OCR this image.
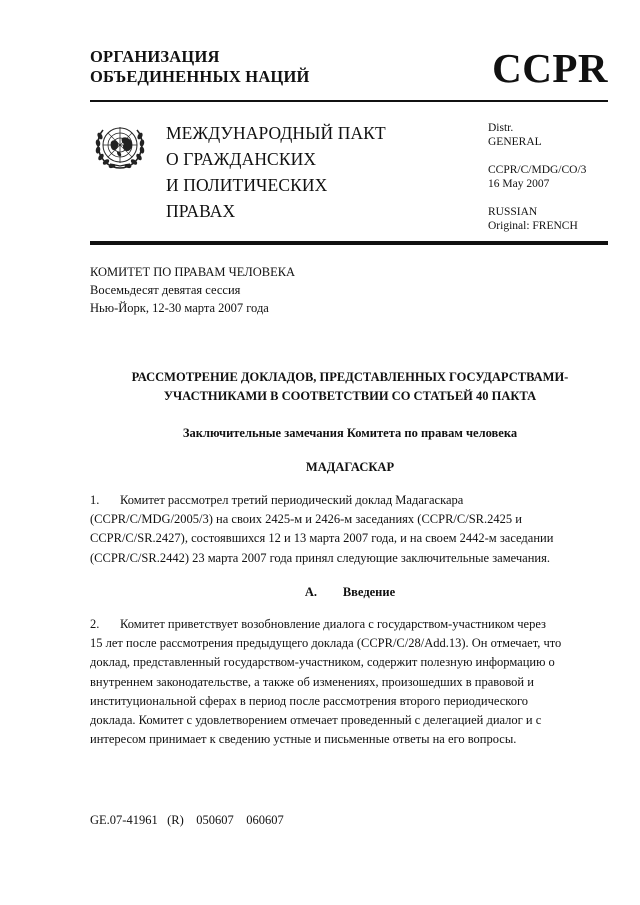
ОРГАНИЗАЦИЯ
ОБЪЕДИНЕННЫХ НАЦИЙ	CCPR
МЕЖДУНАРОДНЫЙ ПАКТ
О ГРАЖДАНСКИХ
И ПОЛИТИЧЕСКИХ
ПРАВАХ
Distr.
GENERAL
CCPR/C/MDG/CO/3
16 May 2007
RUSSIAN
Original: FRENCH
КОМИТЕТ ПО ПРАВАМ ЧЕЛОВЕКА
Восемьдесят девятая сессия
Нью-Йорк, 12-30 марта 2007 года
РАССМОТРЕНИЕ ДОКЛАДОВ, ПРЕДСТАВЛЕННЫХ ГОСУДАРСТВАМИ-
УЧАСТНИКАМИ В СООТВЕТСТВИИ СО СТАТЬЕЙ 40 ПАКТА
Заключительные замечания Комитета по правам человека
МАДАГАСКАР
1. Комитет рассмотрел третий периодический доклад Мадагаскара
(CCPR/C/MDG/2005/3) на своих 2425-м и 2426-м заседаниях (CCPR/C/SR.2425 и
CCPR/C/SR.2427), состоявшихся 12 и 13 марта 2007 года, и на своем 2442-м заседании
(CCPR/C/SR.2442) 23 марта 2007 года принял следующие заключительные замечания.
A. Введение
2. Комитет приветствует возобновление диалога с государством-участником через
15 лет после рассмотрения предыдущего доклада (CCPR/C/28/Add.13). Он отмечает, что
доклад, представленный государством-участником, содержит полезную информацию о
внутреннем законодательстве, а также об изменениях, произошедших в правовой и
институциональной сферах в период после рассмотрения второго периодического
доклада. Комитет с удовлетворением отмечает проведенный с делегацией диалог и с
интересом принимает к сведению устные и письменные ответы на его вопросы.
GE.07-41961 (R) 050607 060607
